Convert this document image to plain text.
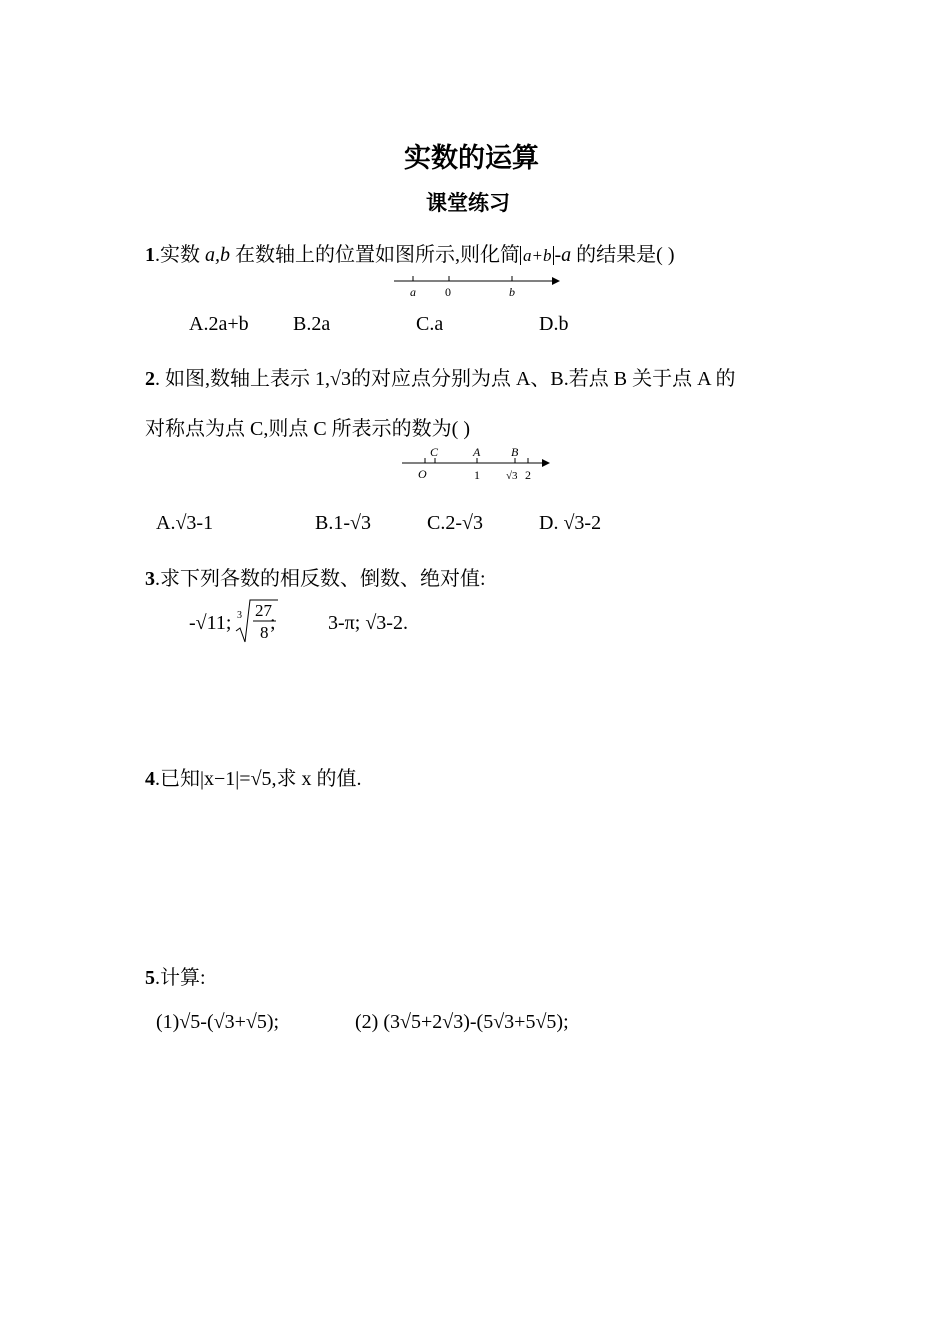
实数的运算
课堂练习
1.实数 a,b 在数轴上的位置如图所示,则化简 a+b -a 的结果是( )
a 0	b
A.2a+b B.2a	C.a	D.b
2. 如图,数轴上表示 1,√3的对应点分别为点 A、B.若点 B 关于点 A 的
对称点为点 C,则点 C 所表示的数为( )
C	A	B
O	1 √3 2
A.√3-1	B.1-√3	C.2-√3	D. √3-2
3.求下列各数的相反数、倒数、绝对值:
-√11; 3 27
8 ;	3-π; √3-2.
4.已知|x−1|=√5,求 x 的值.
5.计算:
(1)√5-(√3+√5);	(2) (3√5+2√3)-(5√3+5√5);
